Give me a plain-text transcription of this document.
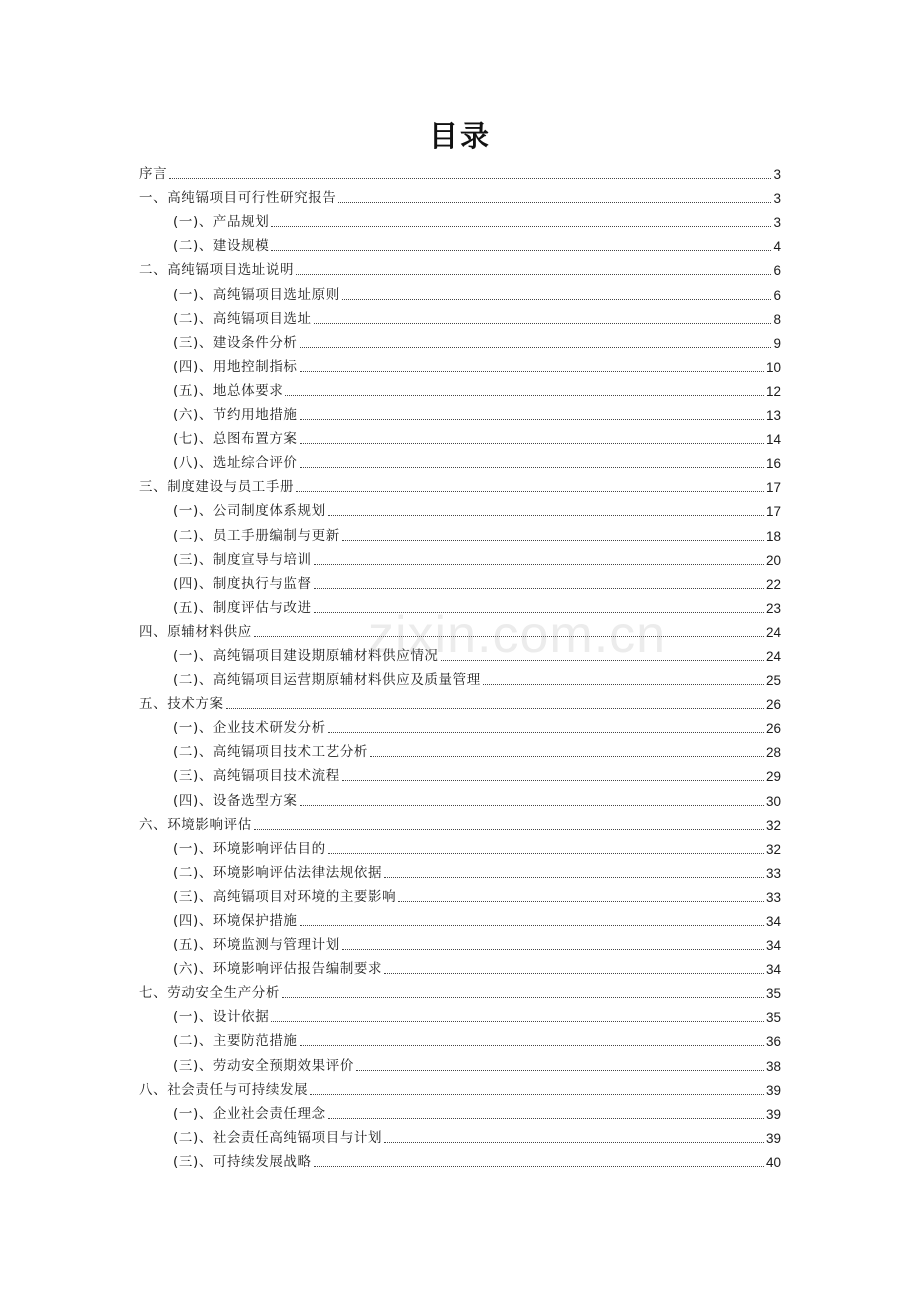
目录
序言	3
一、高纯镉项目可行性研究报告	3
(一)、产品规划	3
(二)、建设规模	4
二、高纯镉项目选址说明	6
(一)、高纯镉项目选址原则	6
(二)、高纯镉项目选址	8
(三)、建设条件分析	9
(四)、用地控制指标	10
(五)、地总体要求	12
(六)、节约用地措施	13
(七)、总图布置方案	14
(八)、选址综合评价	16
三、制度建设与员工手册	17
(一)、公司制度体系规划	17
(二)、员工手册编制与更新	18
(三)、制度宣导与培训	20
(四)、制度执行与监督	22
(五)、制度评估与改进	23
四、原辅材料供应	24
(一)、高纯镉项目建设期原辅材料供应情况	24
(二)、高纯镉项目运营期原辅材料供应及质量管理	25
五、技术方案	26
(一)、企业技术研发分析	26
(二)、高纯镉项目技术工艺分析	28
(三)、高纯镉项目技术流程	29
(四)、设备选型方案	30
六、环境影响评估	32
(一)、环境影响评估目的	32
(二)、环境影响评估法律法规依据	33
(三)、高纯镉项目对环境的主要影响	33
(四)、环境保护措施	34
(五)、环境监测与管理计划	34
(六)、环境影响评估报告编制要求	34
七、劳动安全生产分析	35
(一)、设计依据	35
(二)、主要防范措施	36
(三)、劳动安全预期效果评价	38
八、社会责任与可持续发展	39
(一)、企业社会责任理念	39
(二)、社会责任高纯镉项目与计划	39
(三)、可持续发展战略	40
zixin.com.cn
